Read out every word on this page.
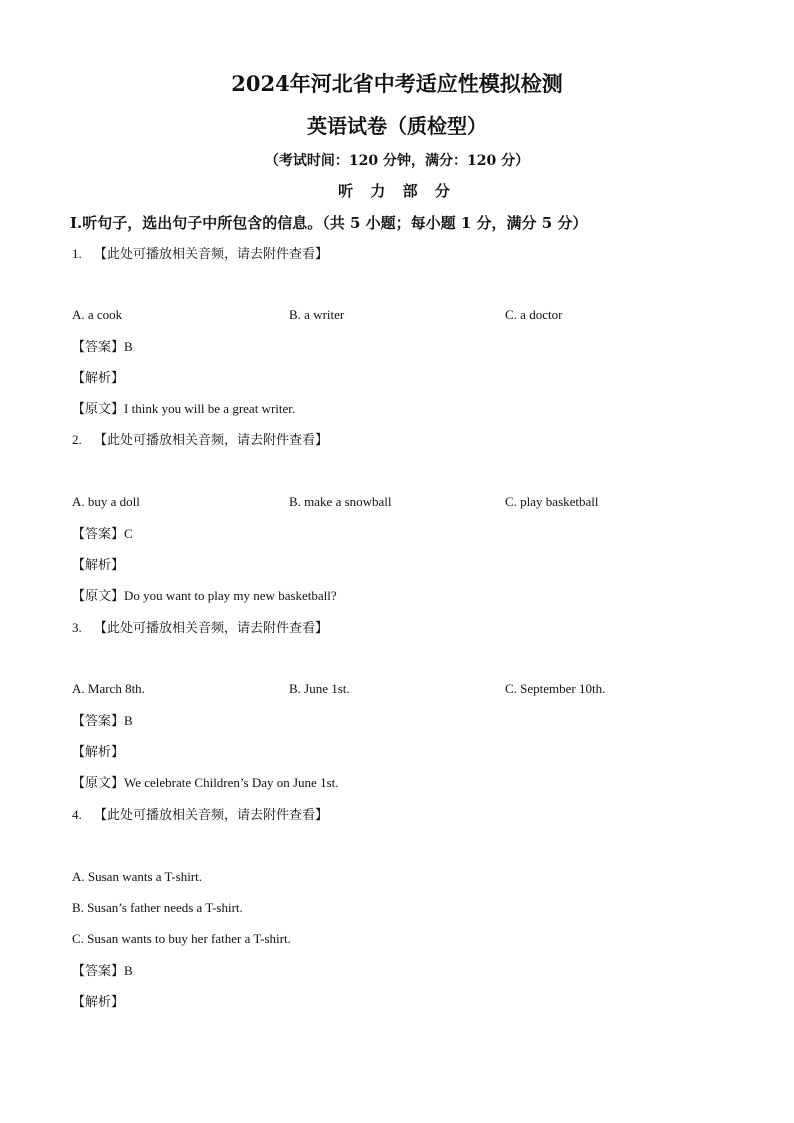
2024年河北省中考适应性模拟检测
英语试卷（质检型）
（考试时间：120 分钟，满分：120 分）
听 力 部 分
Ⅰ.听句子，选出句子中所包含的信息。（共 5 小题；每小题 1 分，满分 5 分）
1. 【此处可播放相关音频，请去附件查看】
A. a cook	B. a writer	C. a doctor
【答案】B
【解析】
【原文】I think you will be a great writer.
2. 【此处可播放相关音频，请去附件查看】
A. buy a doll	B. make a snowball	C. play basketball
【答案】C
【解析】
【原文】Do you want to play my new basketball?
3. 【此处可播放相关音频，请去附件查看】
A. March 8th.	B. June 1st.	C. September 10th.
【答案】B
【解析】
【原文】We celebrate Children’s Day on June 1st.
4. 【此处可播放相关音频，请去附件查看】
A. Susan wants a T-shirt.
B. Susan’s father needs a T-shirt.
C. Susan wants to buy her father a T-shirt.
【答案】B
【解析】
